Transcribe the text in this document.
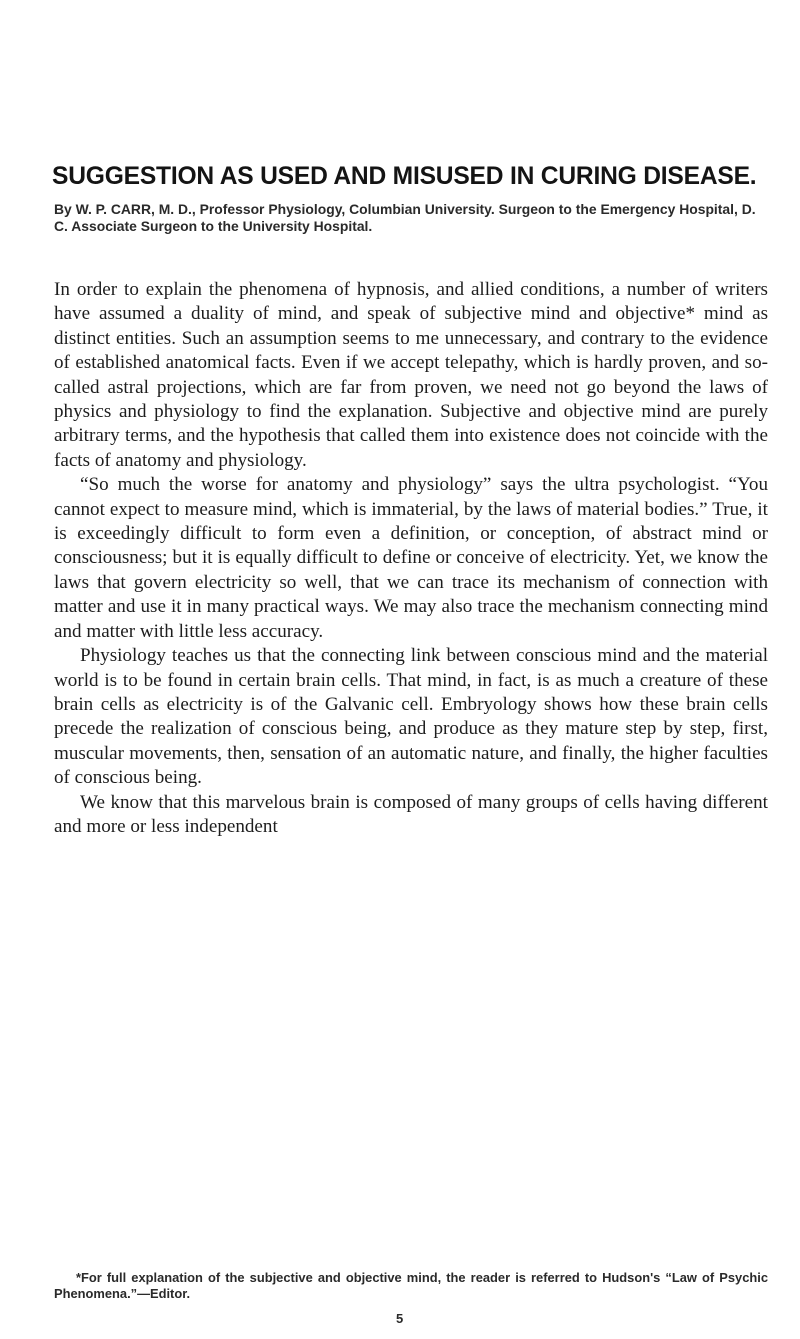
SUGGESTION AS USED AND MISUSED IN CURING DISEASE.

By W. P. CARR, M. D., Professor Physiology, Columbian University. Surgeon to the Emergency Hospital, D. C. Associate Surgeon to the University Hospital.

In order to explain the phenomena of hypnosis, and allied conditions, a number of writers have assumed a duality of mind, and speak of subjective mind and objective* mind as distinct entities. Such an assumption seems to me unnecessary, and contrary to the evidence of established anatomical facts. Even if we accept telepathy, which is hardly proven, and so-called astral projections, which are far from proven, we need not go beyond the laws of physics and physiology to find the explanation. Subjective and objective mind are purely arbitrary terms, and the hypothesis that called them into existence does not coincide with the facts of anatomy and physiology.

“So much the worse for anatomy and physiology” says the ultra psychologist. “You cannot expect to measure mind, which is immaterial, by the laws of material bodies.” True, it is exceedingly difficult to form even a definition, or conception, of abstract mind or consciousness; but it is equally difficult to define or conceive of electricity. Yet, we know the laws that govern electricity so well, that we can trace its mechanism of connection with matter and use it in many practical ways. We may also trace the mechanism connecting mind and matter with little less accuracy.

Physiology teaches us that the connecting link between conscious mind and the material world is to be found in certain brain cells. That mind, in fact, is as much a creature of these brain cells as electricity is of the Galvanic cell. Embryology shows how these brain cells precede the realization of conscious being, and produce as they mature step by step, first, muscular movements, then, sensation of an automatic nature, and finally, the higher faculties of conscious being.

We know that this marvelous brain is composed of many groups of cells having different and more or less independent

*For full explanation of the subjective and objective mind, the reader is referred to Hudson's “Law of Psychic Phenomena.”—Editor.

5
